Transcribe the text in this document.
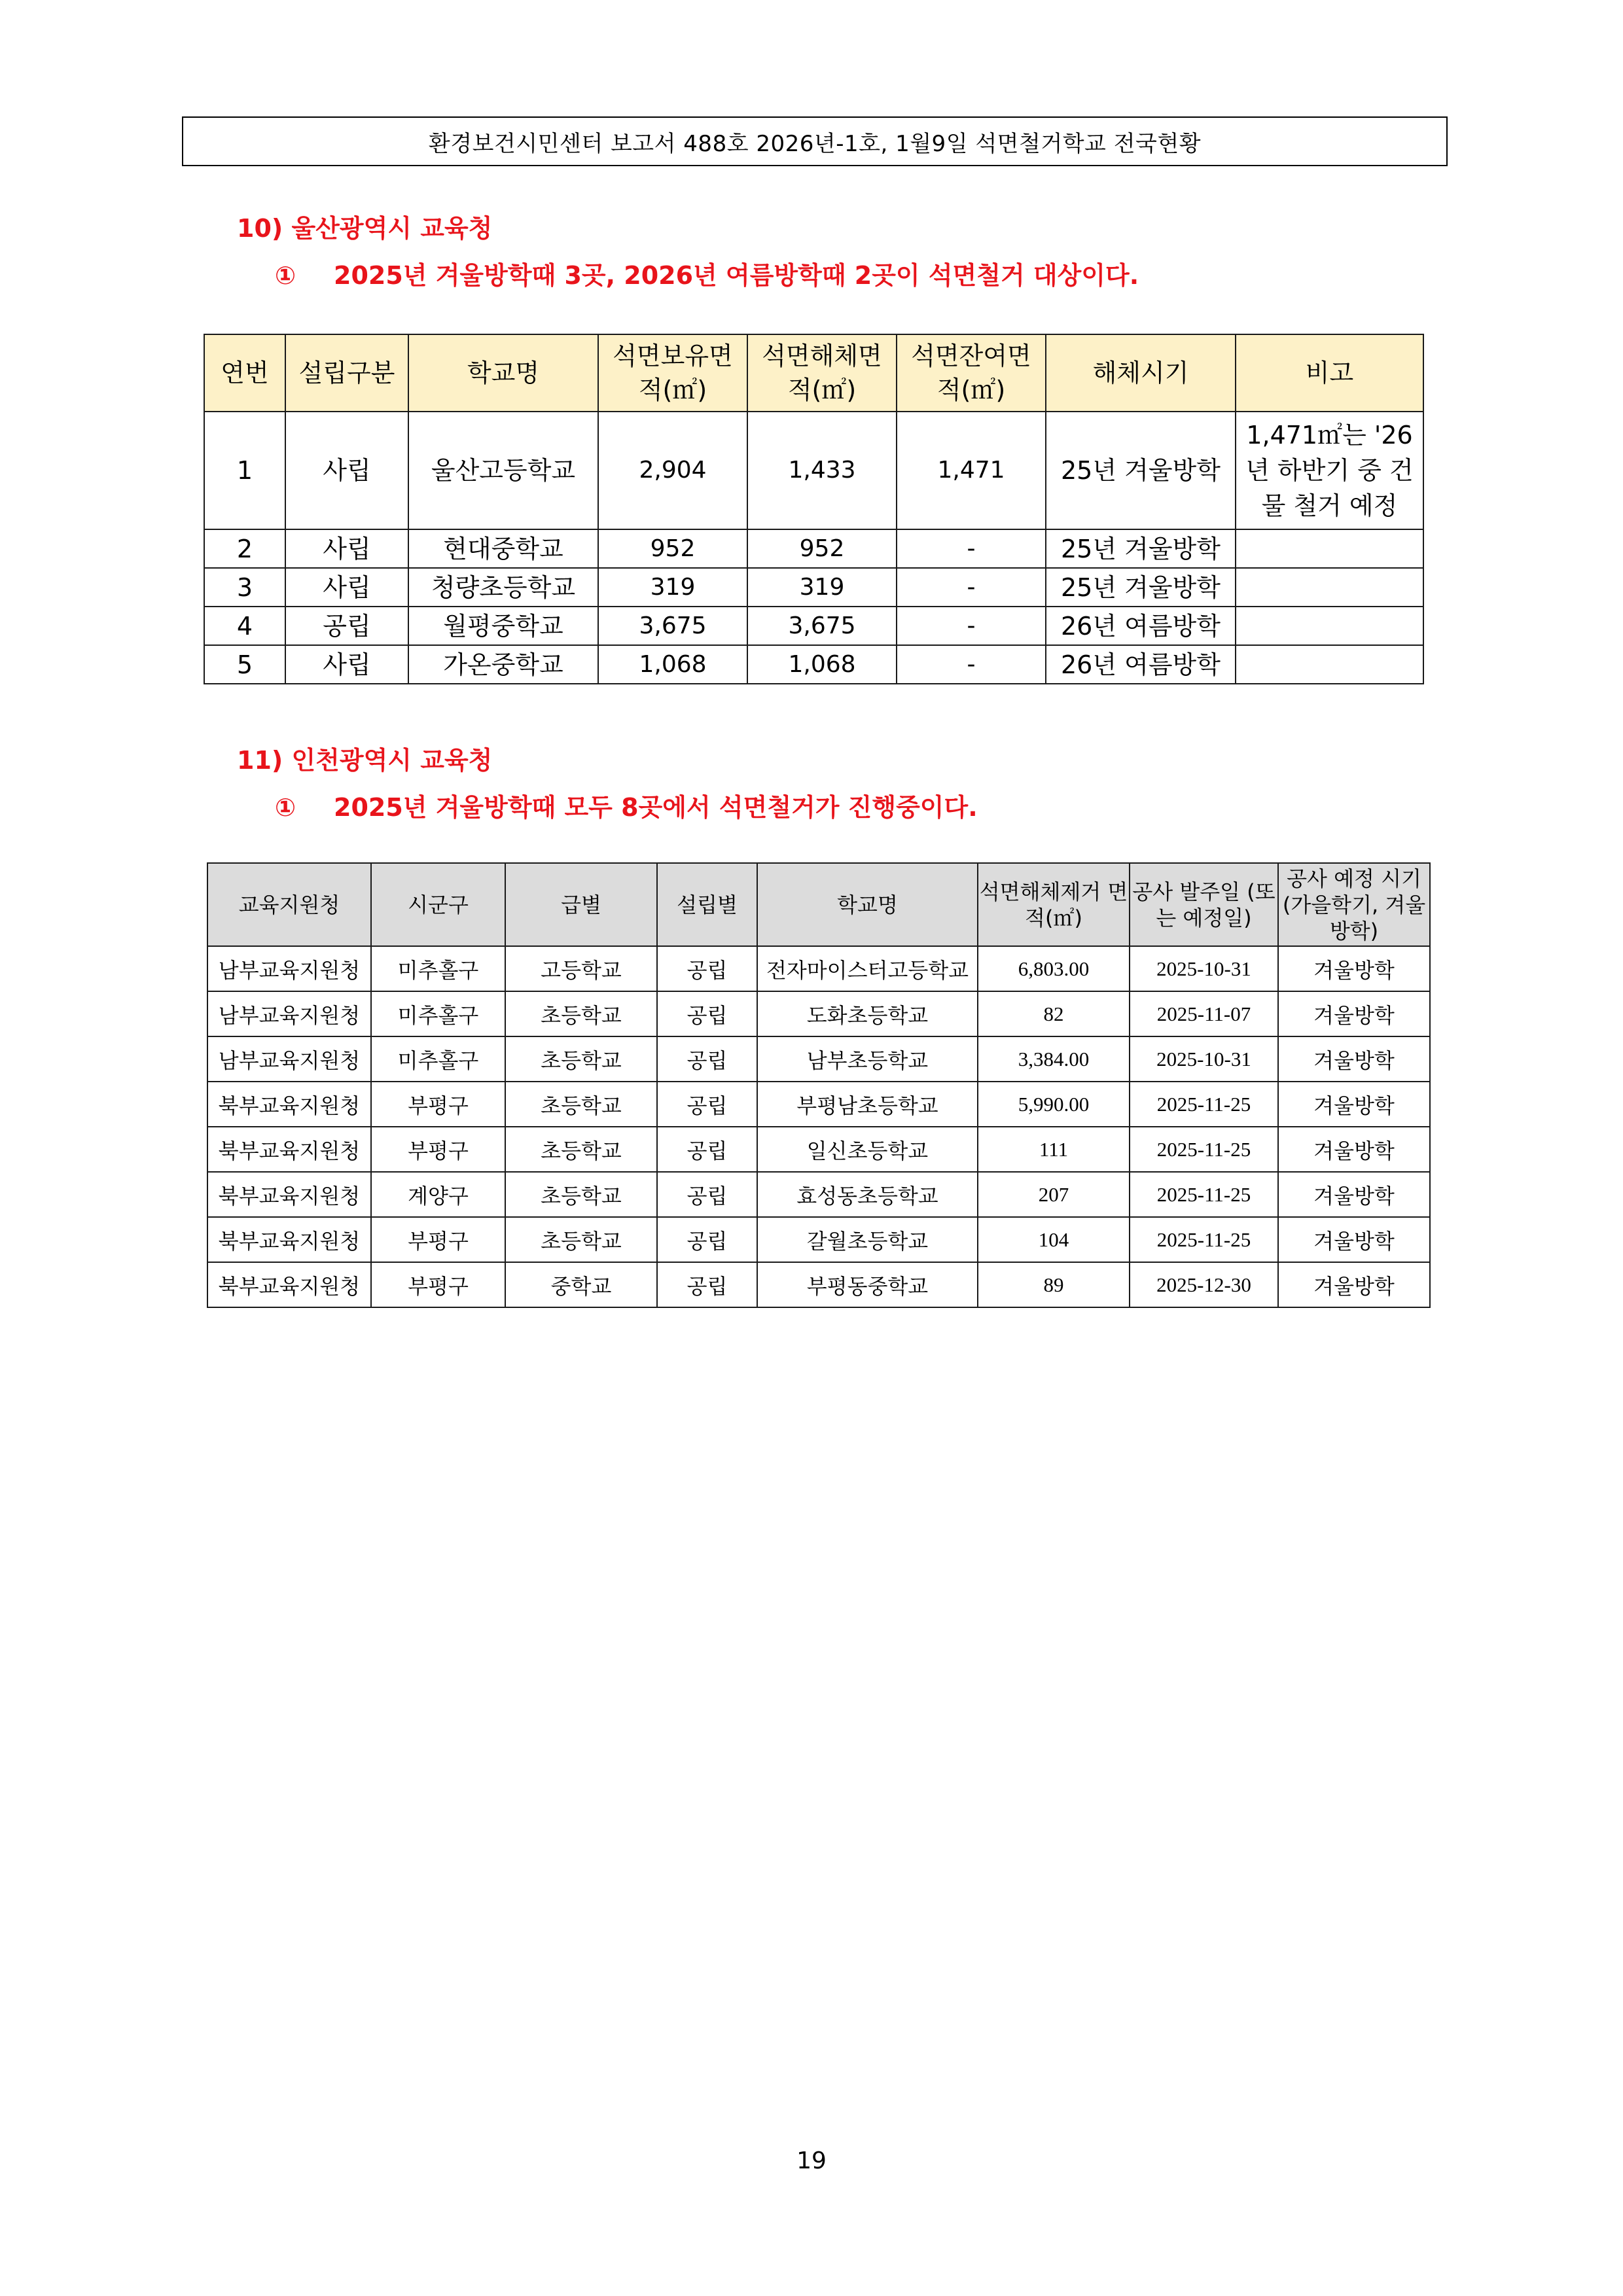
환경보건시민센터 보고서 488호 2026년-1호, 1월9일 석면철거학교 전국현황
10) 울산광역시 교육청
① 2025년 겨울방학때 3곳, 2026년 여름방학때 2곳이 석면철거 대상이다.
연번	설립구분	학교명	석면보유면 적(㎡)	석면해체면 적(㎡)	석면잔여면 적(㎡)	해체시기	비고
1	사립	울산고등학교	2,904	1,433	1,471	25년 겨울방학	1,471㎡는 '26년 하반기 중 건물 철거 예정
2	사립	현대중학교	952	952	-	25년 겨울방학	
3	사립	청량초등학교	319	319	-	25년 겨울방학	
4	공립	월평중학교	3,675	3,675	-	26년 여름방학	
5	사립	가온중학교	1,068	1,068	-	26년 여름방학	
11) 인천광역시 교육청
① 2025년 겨울방학때 모두 8곳에서 석면철거가 진행중이다.
교육지원청	시군구	급별	설립별	학교명	석면해체제거 면적(㎡)	공사 발주일 (또는 예정일)	공사 예정 시기 (가을학기, 겨울방학)
남부교육지원청	미추홀구	고등학교	공립	전자마이스터고등학교	6,803.00	2025-10-31	겨울방학
남부교육지원청	미추홀구	초등학교	공립	도화초등학교	82	2025-11-07	겨울방학
남부교육지원청	미추홀구	초등학교	공립	남부초등학교	3,384.00	2025-10-31	겨울방학
북부교육지원청	부평구	초등학교	공립	부평남초등학교	5,990.00	2025-11-25	겨울방학
북부교육지원청	부평구	초등학교	공립	일신초등학교	111	2025-11-25	겨울방학
북부교육지원청	계양구	초등학교	공립	효성동초등학교	207	2025-11-25	겨울방학
북부교육지원청	부평구	초등학교	공립	갈월초등학교	104	2025-11-25	겨울방학
북부교육지원청	부평구	중학교	공립	부평동중학교	89	2025-12-30	겨울방학
19
